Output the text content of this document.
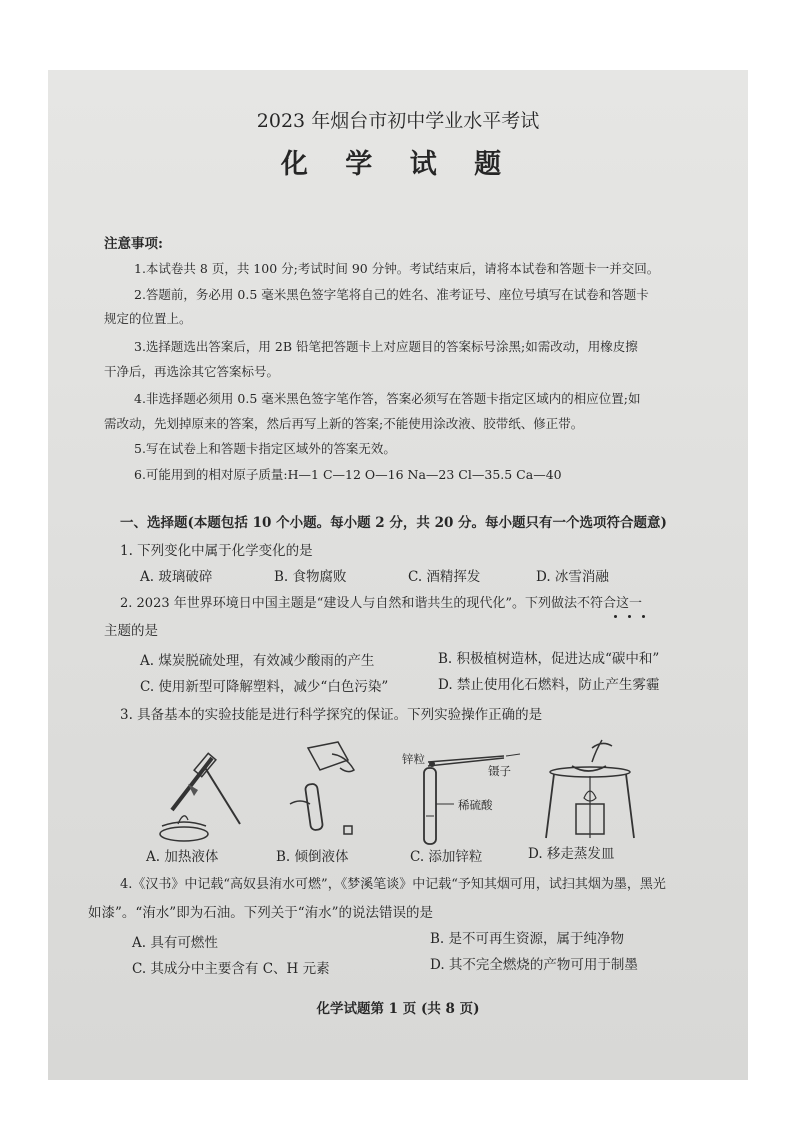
2023 年烟台市初中学业水平考试
化 学 试 题
注意事项:
1.本试卷共 8 页，共 100 分;考试时间 90 分钟。考试结束后，请将本试卷和答题卡一并交回。
2.答题前，务必用 0.5 毫米黑色签字笔将自己的姓名、准考证号、座位号填写在试卷和答题卡
规定的位置上。
3.选择题选出答案后，用 2B 铅笔把答题卡上对应题目的答案标号涂黑;如需改动，用橡皮擦
干净后，再选涂其它答案标号。
4.非选择题必须用 0.5 毫米黑色签字笔作答，答案必须写在答题卡指定区域内的相应位置;如
需改动，先划掉原来的答案，然后再写上新的答案;不能使用涂改液、胶带纸、修正带。
5.写在试卷上和答题卡指定区域外的答案无效。
6.可能用到的相对原子质量:H—1 C—12 O—16 Na—23 Cl—35.5 Ca—40
一、选择题(本题包括 10 个小题。每小题 2 分，共 20 分。每小题只有一个选项符合题意)
1. 下列变化中属于化学变化的是
A. 玻璃破碎	B. 食物腐败	C. 酒精挥发	D. 冰雪消融
2. 2023 年世界环境日中国主题是“建设人与自然和谐共生的现代化”。下列做法不符合这一
主题的是
A. 煤炭脱硫处理，有效减少酸雨的产生	B. 积极植树造林，促进达成“碳中和”
C. 使用新型可降解塑料，减少“白色污染”	D. 禁止使用化石燃料，防止产生雾霾
3. 具备基本的实验技能是进行科学探究的保证。下列实验操作正确的是
锌粒
镊子
稀硫酸
A. 加热液体	B. 倾倒液体	C. 添加锌粒	D. 移走蒸发皿
4.《汉书》中记载“高奴县洧水可燃”，《梦溪笔谈》中记载“予知其烟可用，试扫其烟为墨，黑光
如漆”。“洧水”即为石油。下列关于“洧水”的说法错误的是
A. 具有可燃性	B. 是不可再生资源，属于纯净物
C. 其成分中主要含有 C、H 元素	D. 其不完全燃烧的产物可用于制墨
化学试题第 1 页 (共 8 页)
